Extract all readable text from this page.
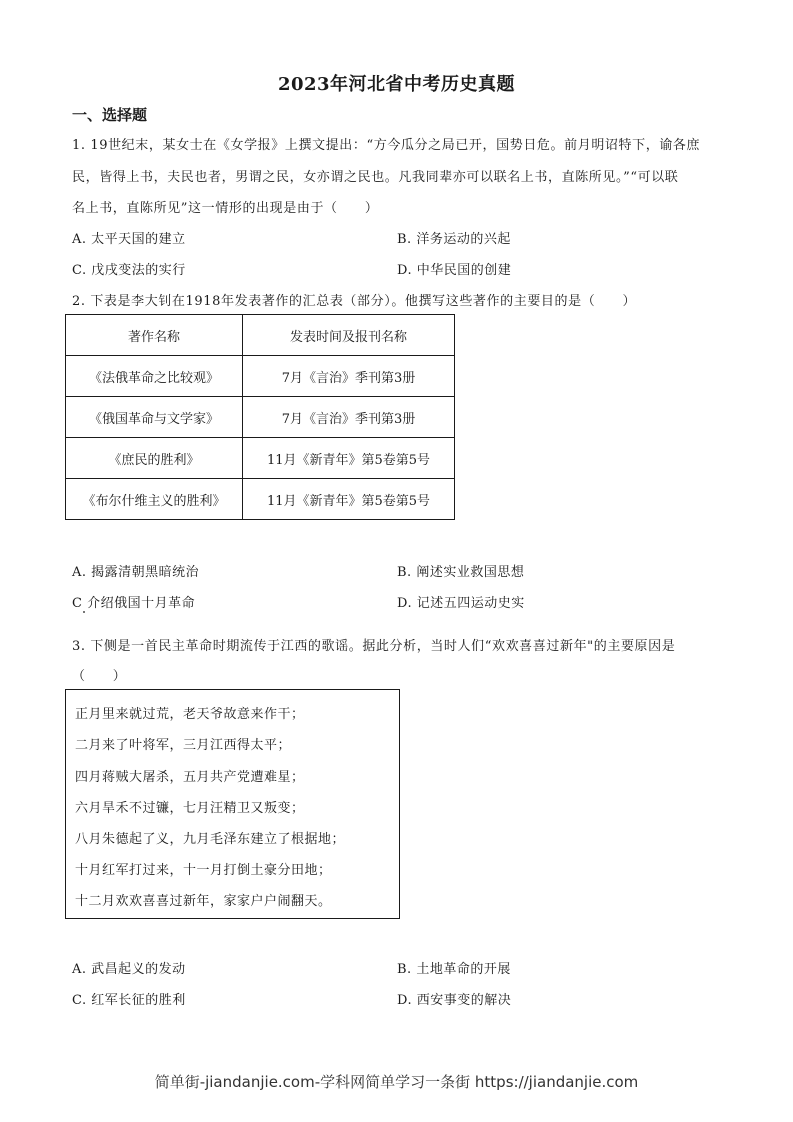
2023年河北省中考历史真题
一、选择题
1. 19世纪末，某女士在《女学报》上撰文提出：“方今瓜分之局已开，国势日危。前月明诏特下，谕各庶
民，皆得上书，夫民也者，男谓之民，女亦谓之民也。凡我同辈亦可以联名上书，直陈所见。”“可以联
名上书，直陈所见”这一情形的出现是由于（　　）
A. 太平天国的建立	B. 洋务运动的兴起
C. 戊戌变法的实行	D. 中华民国的创建
2. 下表是李大钊在1918年发表著作的汇总表（部分）。他撰写这些著作的主要目的是（　　）
著作名称	发表时间及报刊名称
《法俄革命之比较观》	7月《言治》季刊第3册
《俄国革命与文学家》	7月《言治》季刊第3册
《庶民的胜利》	11月《新青年》第5卷第5号
《布尔什维主义的胜利》	11月《新青年》第5卷第5号
A. 揭露清朝黑暗统治	B. 阐述实业救国思想
C 介绍俄国十月革命	D. 记述五四运动史实
3. 下侧是一首民主革命时期流传于江西的歌谣。据此分析，当时人们“欢欢喜喜过新年"的主要原因是
（　　）
正月里来就过荒，老天爷故意来作干；
二月来了叶将军，三月江西得太平；
四月蒋贼大屠杀，五月共产党遭难星；
六月旱禾不过镰，七月汪精卫又叛变；
八月朱德起了义，九月毛泽东建立了根据地；
十月红军打过来，十一月打倒土豪分田地；
十二月欢欢喜喜过新年，家家户户闹翻天。
A. 武昌起义的发动	B. 土地革命的开展
C. 红军长征的胜利	D. 西安事变的解决
简单街-jiandanjie.com-学科网简单学习一条街 https://jiandanjie.com
